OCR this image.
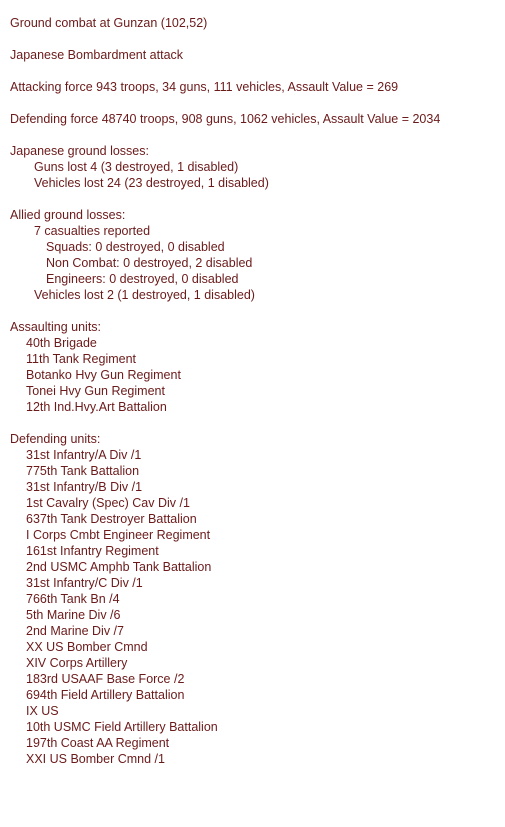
Ground combat at Gunzan (102,52)
Japanese Bombardment attack
Attacking force 943 troops, 34 guns, 111 vehicles, Assault Value = 269
Defending force 48740 troops, 908 guns, 1062 vehicles, Assault Value = 2034
Japanese ground losses:
Guns lost 4 (3 destroyed, 1 disabled)
Vehicles lost 24 (23 destroyed, 1 disabled)
Allied ground losses:
7 casualties reported
Squads: 0 destroyed, 0 disabled
Non Combat: 0 destroyed, 2 disabled
Engineers: 0 destroyed, 0 disabled
Vehicles lost 2 (1 destroyed, 1 disabled)
Assaulting units:
40th Brigade
11th Tank Regiment
Botanko Hvy Gun Regiment
Tonei Hvy Gun Regiment
12th Ind.Hvy.Art Battalion
Defending units:
31st Infantry/A Div /1
775th Tank Battalion
31st Infantry/B Div /1
1st Cavalry (Spec) Cav Div /1
637th Tank Destroyer Battalion
I Corps Cmbt Engineer Regiment
161st Infantry Regiment
2nd USMC Amphb Tank Battalion
31st Infantry/C Div /1
766th Tank Bn /4
5th Marine Div /6
2nd Marine Div /7
XX US Bomber Cmnd
XIV Corps Artillery
183rd USAAF Base Force /2
694th Field Artillery Battalion
IX US
10th USMC Field Artillery Battalion
197th Coast AA Regiment
XXI US Bomber Cmnd /1
